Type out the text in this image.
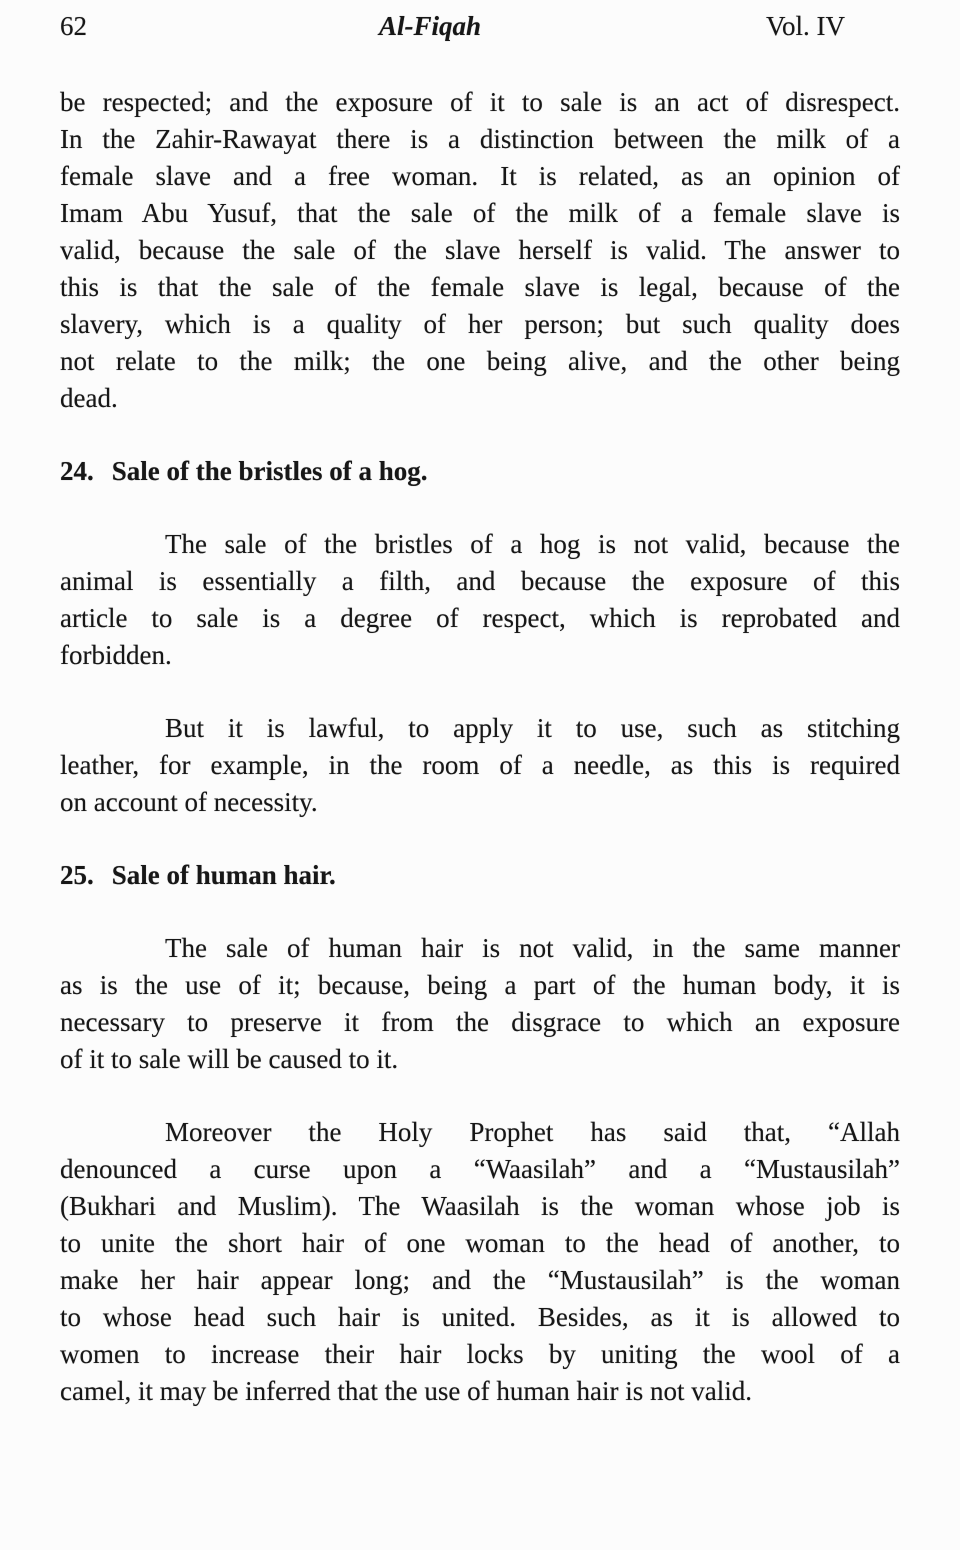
62	Al-Fiqah	Vol. IV
be respected; and the exposure of it to sale is an act of disrespect.
In the Zahir-Rawayat there is a distinction between the milk of a
female slave and a free woman. It is related, as an opinion of
Imam Abu Yusuf, that the sale of the milk of a female slave is
valid, because the sale of the slave herself is valid. The answer to
this is that the sale of the female slave is legal, because of the
slavery, which is a quality of her person; but such quality does
not relate to the milk; the one being alive, and the other being
dead.
24. Sale of the bristles of a hog.
The sale of the bristles of a hog is not valid, because the
animal is essentially a filth, and because the exposure of this
article to sale is a degree of respect, which is reprobated and
forbidden.
But it is lawful, to apply it to use, such as stitching
leather, for example, in the room of a needle, as this is required
on account of necessity.
25. Sale of human hair.
The sale of human hair is not valid, in the same manner
as is the use of it; because, being a part of the human body, it is
necessary to preserve it from the disgrace to which an exposure
of it to sale will be caused to it.
Moreover the Holy Prophet has said that, “Allah
denounced a curse upon a “Waasilah” and a “Mustausilah”
(Bukhari and Muslim). The Waasilah is the woman whose job is
to unite the short hair of one woman to the head of another, to
make her hair appear long; and the “Mustausilah” is the woman
to whose head such hair is united. Besides, as it is allowed to
women to increase their hair locks by uniting the wool of a
camel, it may be inferred that the use of human hair is not valid.
